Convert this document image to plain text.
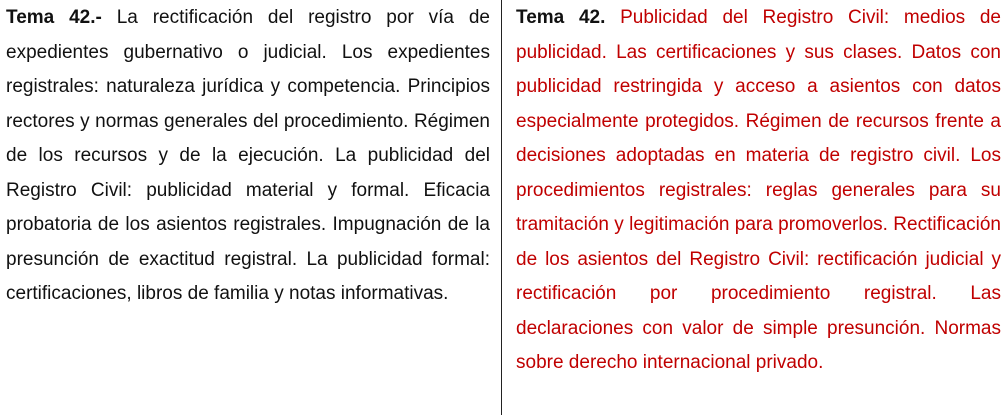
Tema 42.- La rectificación del registro por vía de expedientes gubernativo o judicial. Los expedientes registrales: naturaleza jurídica y competencia. Principios rectores y normas generales del procedimiento. Régimen de los recursos y de la ejecución. La publicidad del Registro Civil: publicidad material y formal. Eficacia probatoria de los asientos registrales. Impugnación de la presunción de exactitud registral. La publicidad formal: certificaciones, libros de familia y notas informativas.
Tema 42. Publicidad del Registro Civil: medios de publicidad. Las certificaciones y sus clases. Datos con publicidad restringida y acceso a asientos con datos especialmente protegidos. Régimen de recursos frente a decisiones adoptadas en materia de registro civil. Los procedimientos registrales: reglas generales para su tramitación y legitimación para promoverlos. Rectificación de los asientos del Registro Civil: rectificación judicial y rectificación por procedimiento registral. Las declaraciones con valor de simple presunción. Normas sobre derecho internacional privado.
